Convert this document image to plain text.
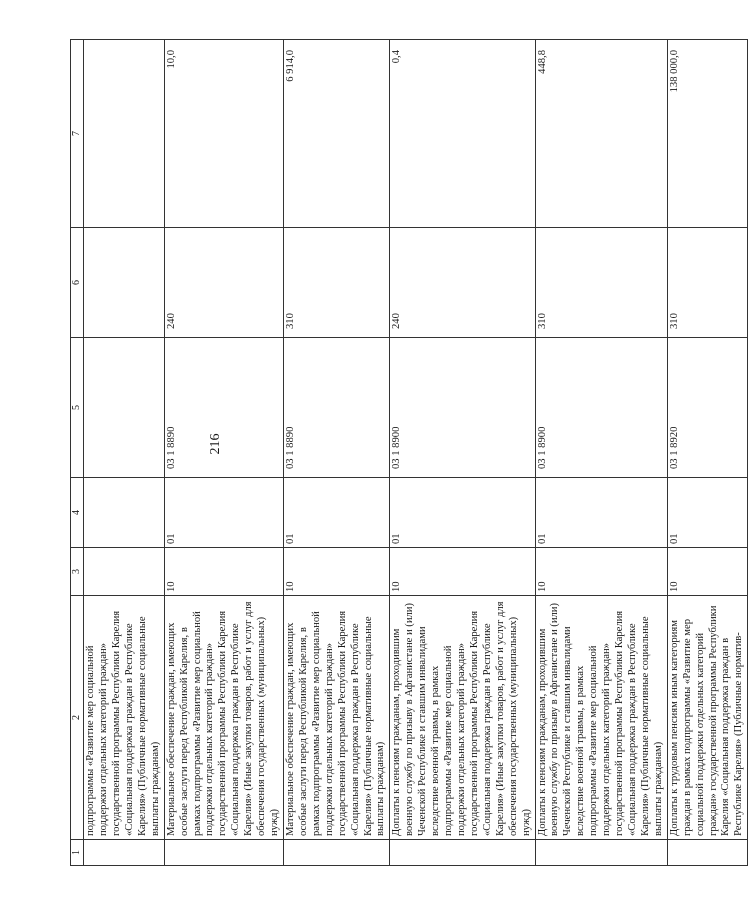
216
1	2	3	4	5	6	7
	подпрограммы «Развитие мер социальной поддержки отдельных категорий граждан» государственной программы Республики Карелия «Социальная поддержка граждан в Республике Карелия» (Публичные нормативные социальные выплаты гражданам)					
	Материальное обеспечение граждан, имеющих особые заслуги перед Республикой Карелия, в рамках подпрограммы «Развитие мер социальной поддержки отдельных категорий граждан» государственной программы Республики Карелия «Социальная поддержка граждан в Республике Карелия» (Иные закупки товаров, работ и услуг для обеспечения государственных (муниципальных) нужд)	10	01	03 1 8890	240	10,0
	Материальное обеспечение граждан, имеющих особые заслуги перед Республикой Карелия, в рамках подпрограммы «Развитие мер социальной поддержки отдельных категорий граждан» государственной программы Республики Карелия «Социальная поддержка граждан в Республике Карелия» (Публичные нормативные социальные выплаты гражданам)	10	01	03 1 8890	310	6 914,0
	Доплаты к пенсиям гражданам, проходившим военную службу по призыву в Афганистане и (или) Чеченской Республике и ставшим инвалидами вследствие военной травмы, в рамках подпрограммы «Развитие мер социальной поддержки отдельных категорий граждан» государственной программы Республики Карелия «Социальная поддержка граждан в Республике Карелия» (Иные закупки товаров, работ и услуг для обеспечения государственных (муниципальных) нужд)	10	01	03 1 8900	240	0,4
	Доплаты к пенсиям гражданам, проходившим военную службу по призыву в Афганистане и (или) Чеченской Республике и ставшим инвалидами вследствие военной травмы, в рамках подпрограммы «Развитие мер социальной поддержки отдельных категорий граждан» государственной программы Республики Карелия «Социальная поддержка граждан в Республике Карелия» (Публичные нормативные социальные выплаты гражданам)	10	01	03 1 8900	310	448,8
	Доплаты к трудовым пенсиям иным категориям граждан в рамках подпрограммы «Развитие мер социальной поддержки отдельных категорий граждан» государственной программы Республики Карелия «Социальная поддержка граждан в Республике Карелия» (Публичные норматив-	10	01	03 1 8920	310	138 000,0
